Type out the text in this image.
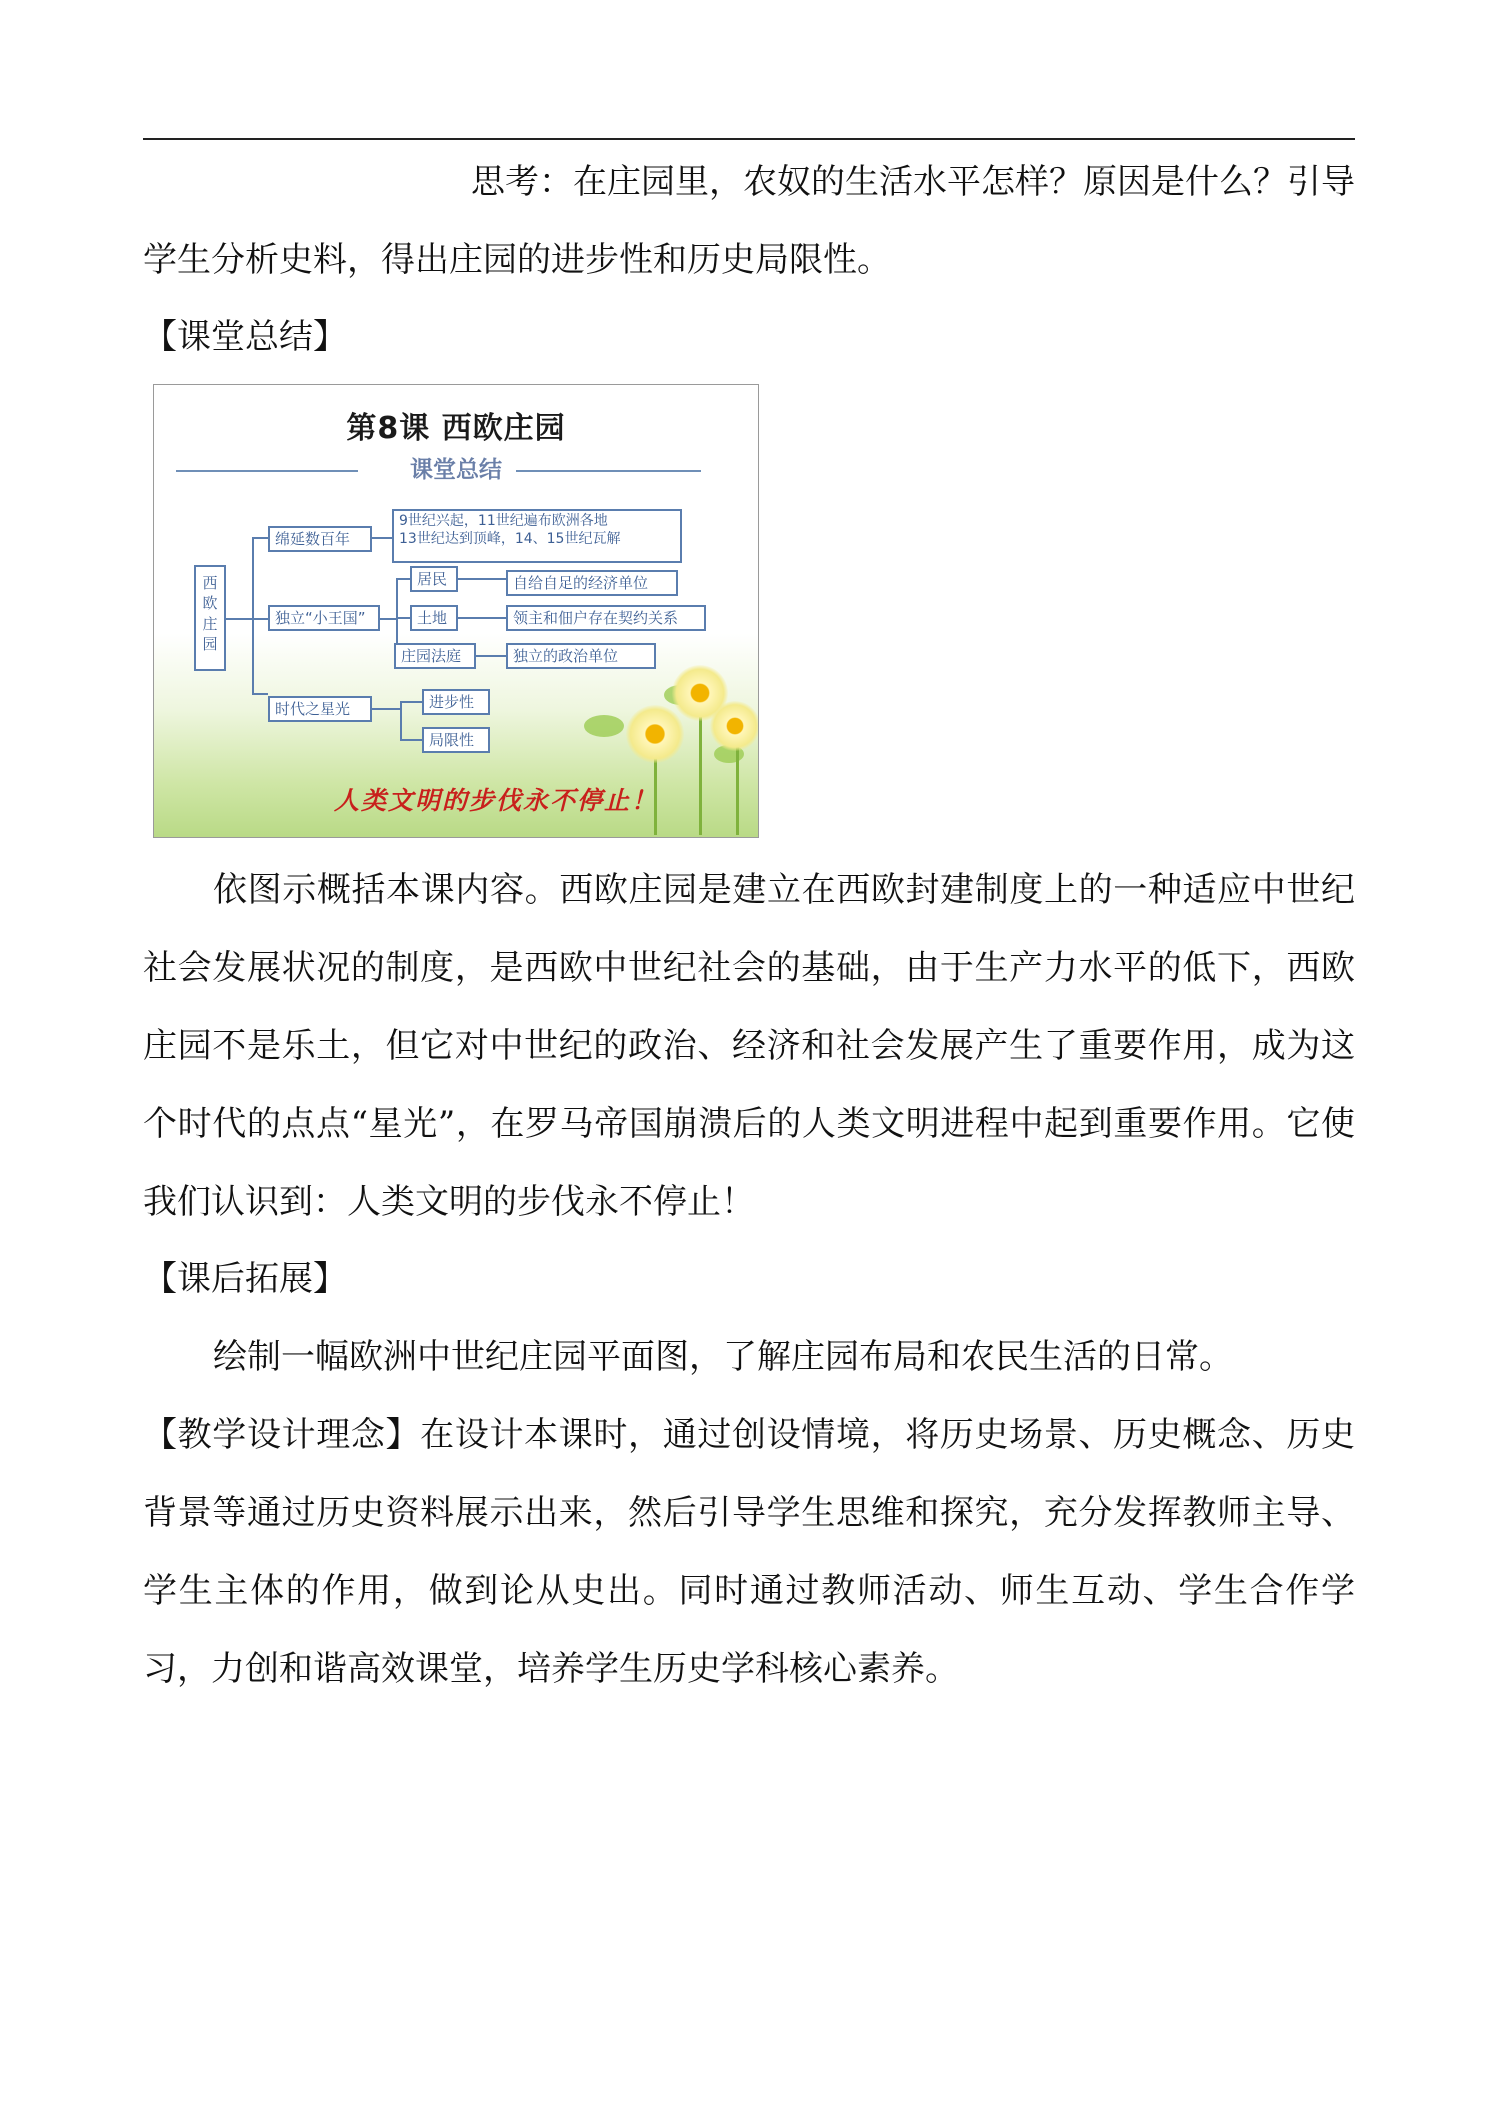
思考：在庄园里，农奴的生活水平怎样？原因是什么？引导

学生分析史料，得出庄园的进步性和历史局限性。

【课堂总结】
第8课 西欧庄园
课堂总结
西欧庄园
绵延数百年
9世纪兴起，11世纪遍布欧洲各地
13世纪达到顶峰，14、15世纪瓦解
独立“小王国”
居民	自给自足的经济单位
土地	领主和佃户存在契约关系
庄园法庭	独立的政治单位
时代之星光	进步性
局限性
人类文明的步伐永不停止！

依图示概括本课内容。西欧庄园是建立在西欧封建制度上的一种适应中世纪社会发展状况的制度，是西欧中世纪社会的基础，由于生产力水平的低下，西欧庄园不是乐土，但它对中世纪的政治、经济和社会发展产生了重要作用，成为这个时代的点点“星光”，在罗马帝国崩溃后的人类文明进程中起到重要作用。它使我们认识到：人类文明的步伐永不停止！

【课后拓展】

绘制一幅欧洲中世纪庄园平面图，了解庄园布局和农民生活的日常。

【教学设计理念】在设计本课时，通过创设情境，将历史场景、历史概念、历史背景等通过历史资料展示出来，然后引导学生思维和探究，充分发挥教师主导、学生主体的作用，做到论从史出。同时通过教师活动、师生互动、学生合作学习，力创和谐高效课堂，培养学生历史学科核心素养。
